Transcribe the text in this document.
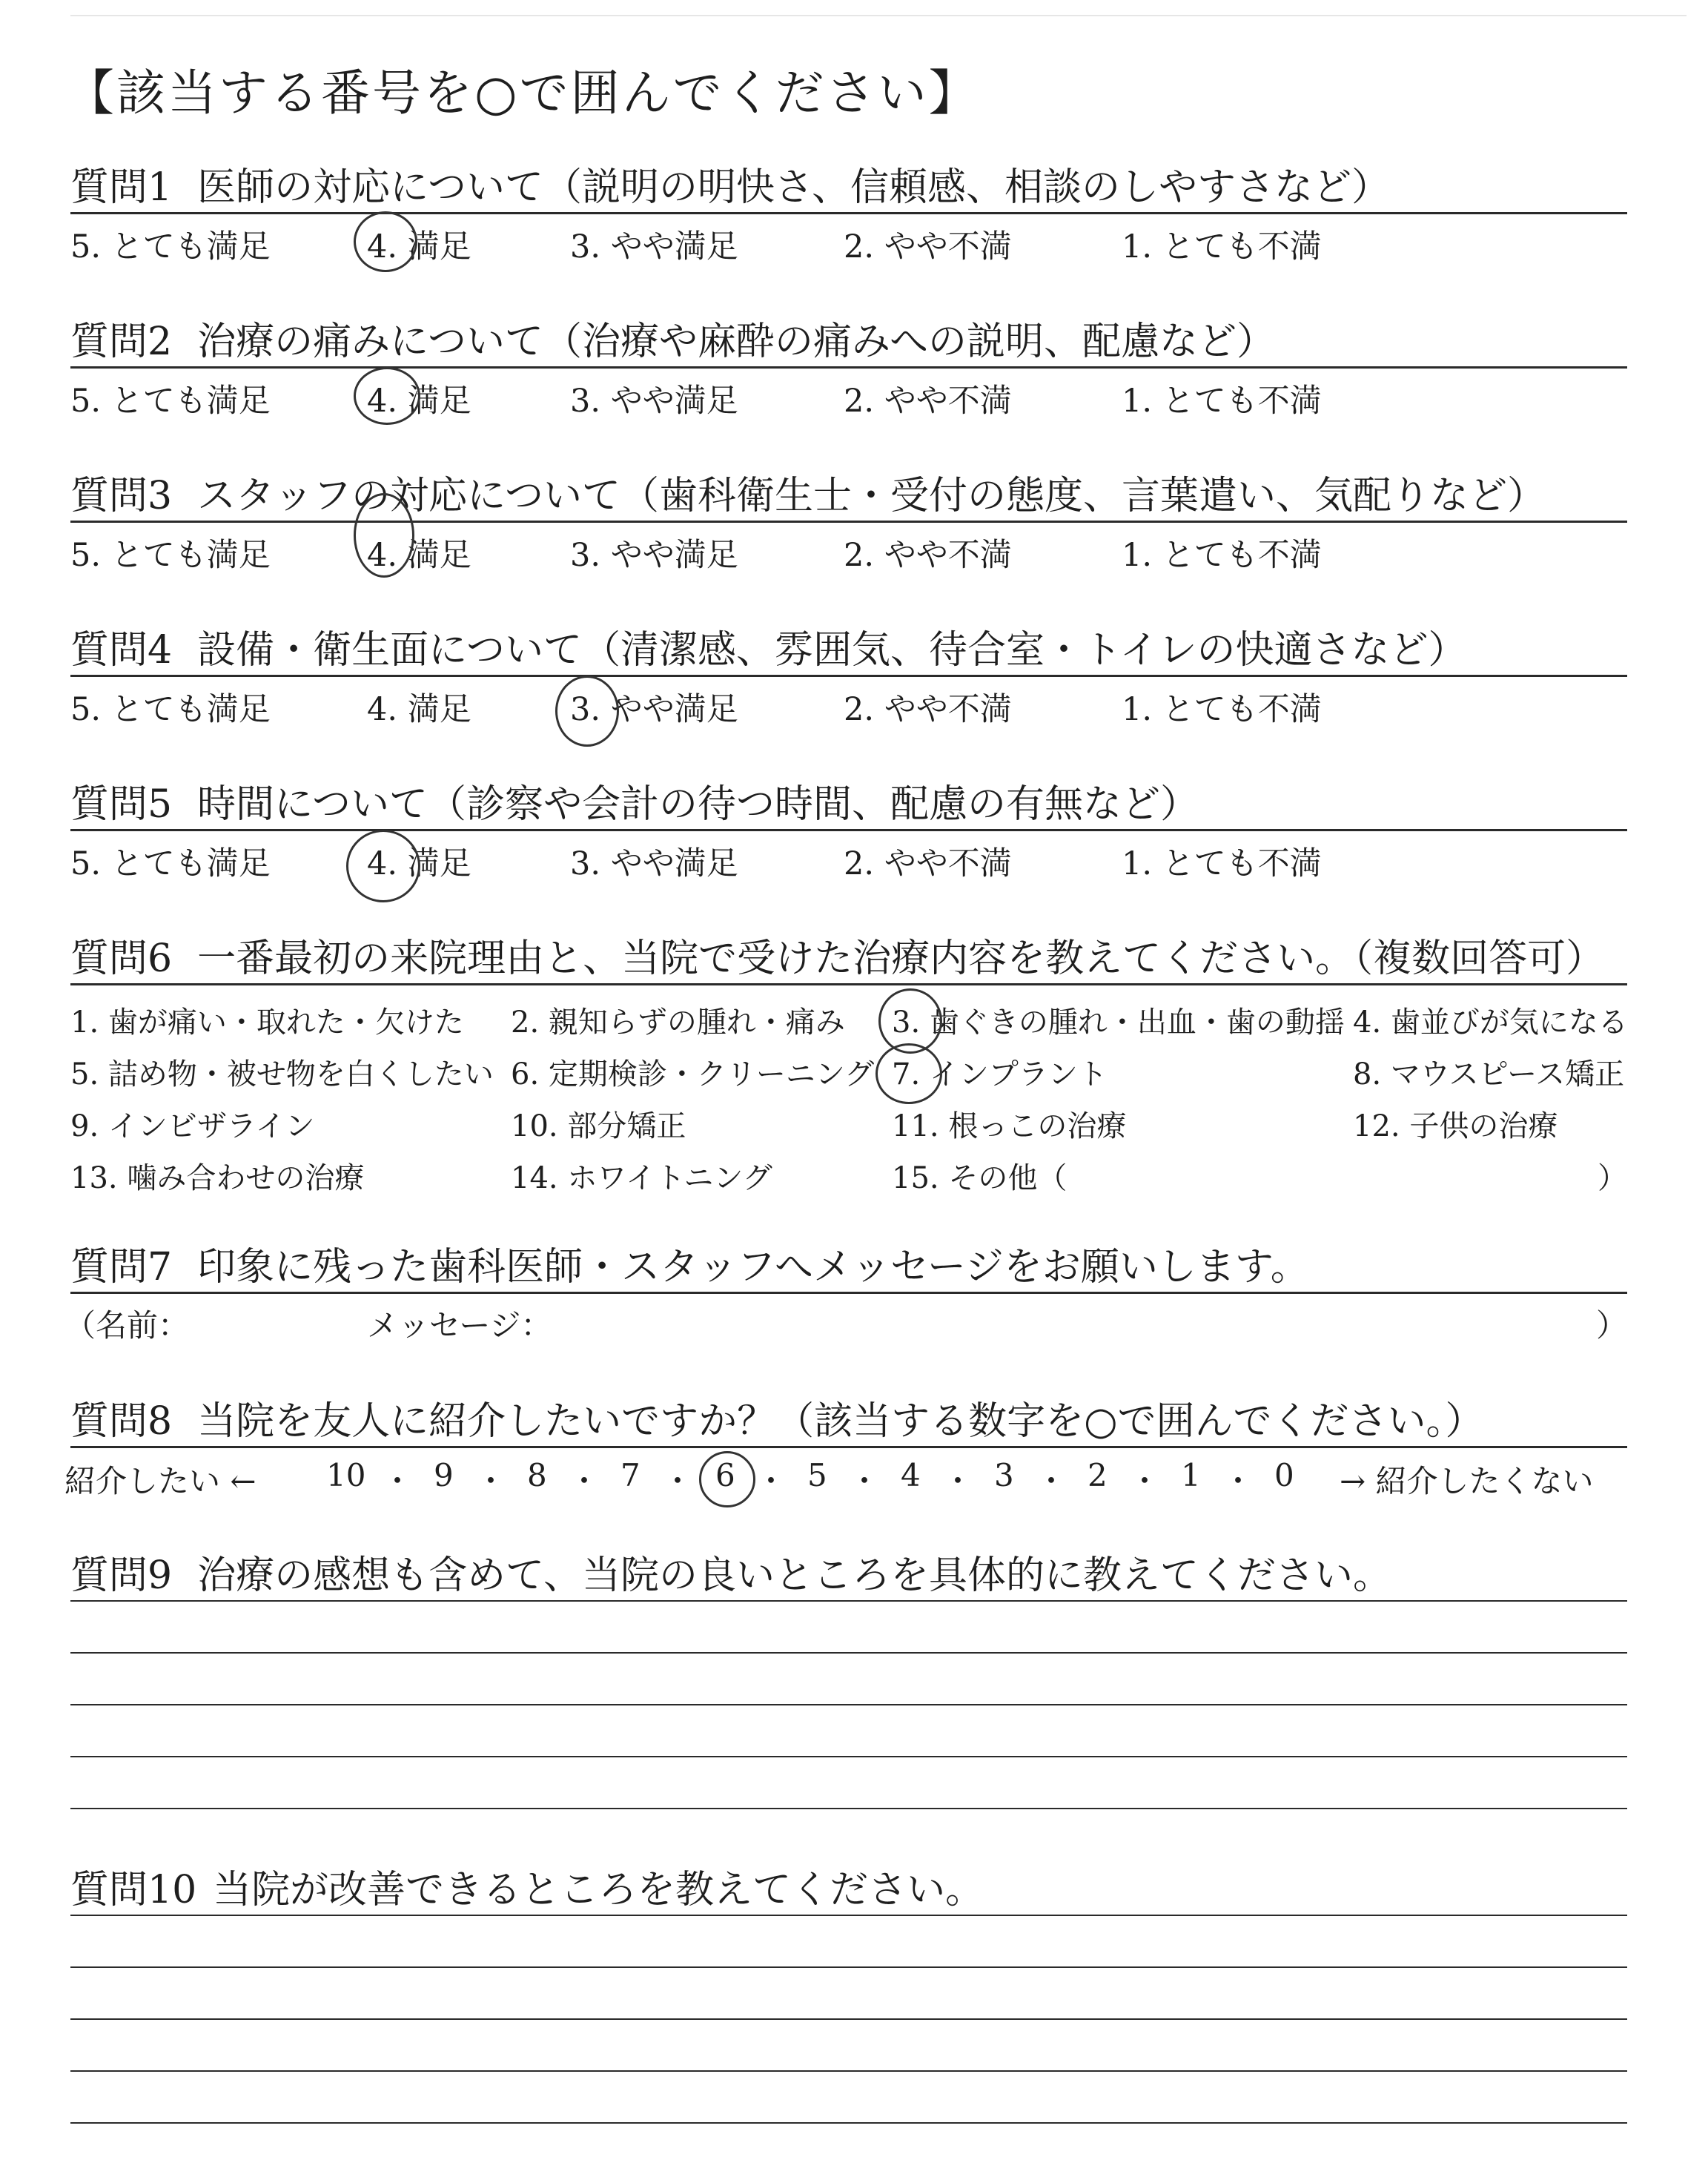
【該当する番号を○で囲んでください】
質問1 医師の対応について（説明の明快さ、信頼感、相談のしやすさなど）
5. とても満足	4. 満足	3. やや満足	2. やや不満	1. とても不満
質問2 治療の痛みについて（治療や麻酔の痛みへの説明、配慮など）
5. とても満足	4. 満足	3. やや満足	2. やや不満	1. とても不満
質問3 スタッフの対応について（歯科衛生士・受付の態度、言葉遣い、気配りなど）
5. とても満足	4. 満足	3. やや満足	2. やや不満	1. とても不満
質問4 設備・衛生面について（清潔感、雰囲気、待合室・トイレの快適さなど）
5. とても満足	4. 満足	3. やや満足	2. やや不満	1. とても不満
質問5 時間について（診察や会計の待つ時間、配慮の有無など）
5. とても満足	4. 満足	3. やや満足	2. やや不満	1. とても不満
質問6 一番最初の来院理由と、当院で受けた治療内容を教えてください。（複数回答可）
1. 歯が痛い・取れた・欠けた 2. 親知らずの腫れ・痛み 3. 歯ぐきの腫れ・出血・歯の動揺 4. 歯並びが気になる
5. 詰め物・被せ物を白くしたい 6. 定期検診・クリーニング 7. インプラント	8. マウスピース矯正
9. インビザライン	10. 部分矯正	11. 根っこの治療	12. 子供の治療
13. 噛み合わせの治療	14. ホワイトニング	15. その他（	）
質問7 印象に残った歯科医師・スタッフへメッセージをお願いします。
（名前：	メッセージ：	）
質問8 当院を友人に紹介したいですか？（該当する数字を○で囲んでください。）
紹介したい ← 10 ・ 9 ・ 8 ・ 7 ・ 6 ・ 5 ・ 4 ・ 3 ・ 2 ・ 1 ・ 0 → 紹介したくない
質問9 治療の感想も含めて、当院の良いところを具体的に教えてください。
質問10 当院が改善できるところを教えてください。
